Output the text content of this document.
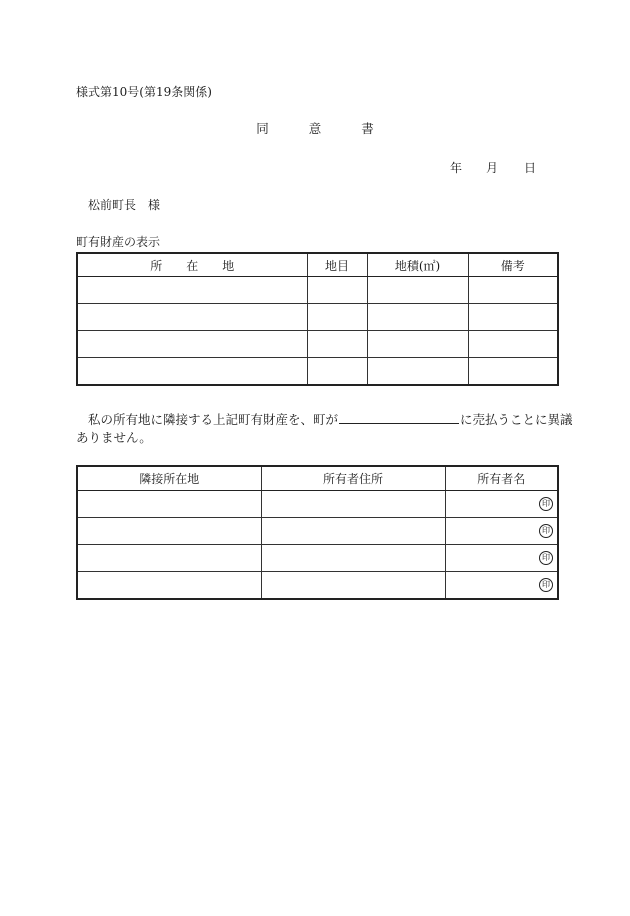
様式第10号(第19条関係)
同	意	書
年 月 日
松前町長　様
町有財産の表示
所　　在　　地	地目	地積(㎡)	備考

私の所有地に隣接する上記町有財産を、町が	に売払うことに異議
ありません。
隣接所在地	所有者住所	所有者名
		印
		印
		印
		印
